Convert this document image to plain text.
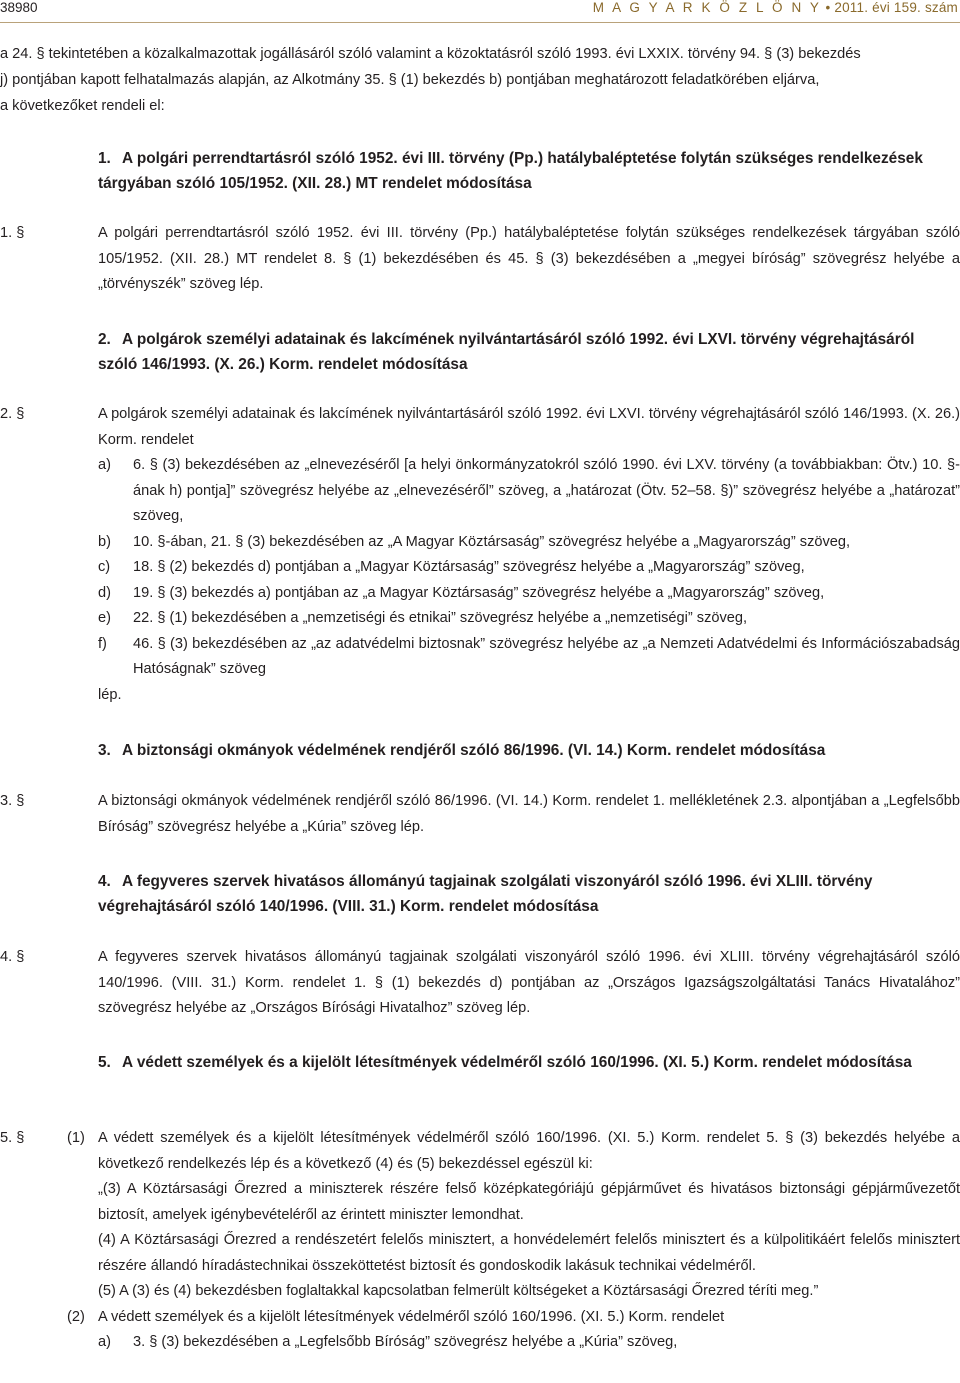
38980	M A G Y A R K Ö Z L Ö N Y • 2011. évi 159. szám

a 24. § tekintetében a közalkalmazottak jogállásáról szóló valamint a közoktatásról szóló 1993. évi LXXIX. törvény 94. § (3) bekezdés

j) pontjában kapott felhatalmazás alapján, az Alkotmány 35. § (1) bekezdés b) pontjában meghatározott feladatkörében eljárva,

a következőket rendeli el:

1. A polgári perrendtartásról szóló 1952. évi III. törvény (Pp.) hatálybaléptetése folytán szükséges rendelkezések tárgyában szóló 105/1952. (XII. 28.) MT rendelet módosítása
1. §	A polgári perrendtartásról szóló 1952. évi III. törvény (Pp.) hatálybaléptetése folytán szükséges rendelkezések tárgyában szóló 105/1952. (XII. 28.) MT rendelet 8. § (1) bekezdésében és 45. § (3) bekezdésében a „megyei bíróság” szövegrész helyébe a „törvényszék” szöveg lép.

2. A polgárok személyi adatainak és lakcímének nyilvántartásáról szóló 1992. évi LXVI. törvény végrehajtásáról szóló 146/1993. (X. 26.) Korm. rendelet módosítása
2. §	A polgárok személyi adatainak és lakcímének nyilvántartásáról szóló 1992. évi LXVI. törvény végrehajtásáról szóló 146/1993. (X. 26.) Korm. rendelet

a) 6. § (3) bekezdésében az „elnevezéséről [a helyi önkormányzatokról szóló 1990. évi LXV. törvény (a továbbiakban: Ötv.) 10. §-ának h) pontja]” szövegrész helyébe az „elnevezéséről” szöveg, a „határozat (Ötv. 52–58. §)” szövegrész helyébe a „határozat” szöveg,
b) 10. §-ában, 21. § (3) bekezdésében az „A Magyar Köztársaság” szövegrész helyébe a „Magyarország” szöveg,
c) 18. § (2) bekezdés d) pontjában a „Magyar Köztársaság” szövegrész helyébe a „Magyarország” szöveg,
d) 19. § (3) bekezdés a) pontjában az „a Magyar Köztársaság” szövegrész helyébe a „Magyarország” szöveg,
e) 22. § (1) bekezdésében a „nemzetiségi és etnikai” szövegrész helyébe a „nemzetiségi” szöveg,
f) 46. § (3) bekezdésében az „az adatvédelmi biztosnak” szövegrész helyébe az „a Nemzeti Adatvédelmi és Információszabadság Hatóságnak” szöveg

lép.

3. A biztonsági okmányok védelmének rendjéről szóló 86/1996. (VI. 14.) Korm. rendelet módosítása
3. §	A biztonsági okmányok védelmének rendjéről szóló 86/1996. (VI. 14.) Korm. rendelet 1. mellékletének 2.3. alpontjában a „Legfelsőbb Bíróság” szövegrész helyébe a „Kúria” szöveg lép.

4. A fegyveres szervek hivatásos állományú tagjainak szolgálati viszonyáról szóló 1996. évi XLIII. törvény végrehajtásáról szóló 140/1996. (VIII. 31.) Korm. rendelet módosítása
4. §	A fegyveres szervek hivatásos állományú tagjainak szolgálati viszonyáról szóló 1996. évi XLIII. törvény végrehajtásáról szóló 140/1996. (VIII. 31.) Korm. rendelet 1. § (1) bekezdés d) pontjában az „Országos Igazságszolgáltatási Tanács Hivatalához” szövegrész helyébe az „Országos Bírósági Hivatalhoz” szöveg lép.

5. A védett személyek és a kijelölt létesítmények védelméről szóló 160/1996. (XI. 5.) Korm. rendelet módosítása
5. §	(1) A védett személyek és a kijelölt létesítmények védelméről szóló 160/1996. (XI. 5.) Korm. rendelet 5. § (3) bekezdés helyébe a következő rendelkezés lép és a következő (4) és (5) bekezdéssel egészül ki:

„(3) A Köztársasági Őrezred a miniszterek részére felső középkategóriájú gépjárművet és hivatásos biztonsági gépjárművezetőt biztosít, amelyek igénybevételéről az érintett miniszter lemondhat.

(4) A Köztársasági Őrezred a rendészetért felelős minisztert, a honvédelemért felelős minisztert és a külpolitikáért felelős minisztert részére állandó híradástechnikai összeköttetést biztosít és gondoskodik lakásuk technikai védelméről.

(5) A (3) és (4) bekezdésben foglaltakkal kapcsolatban felmerült költségeket a Köztársasági Őrezred téríti meg.”

(2) A védett személyek és a kijelölt létesítmények védelméről szóló 160/1996. (XI. 5.) Korm. rendelet

a) 3. § (3) bekezdésében a „Legfelsőbb Bíróság” szövegrész helyébe a „Kúria” szöveg,
